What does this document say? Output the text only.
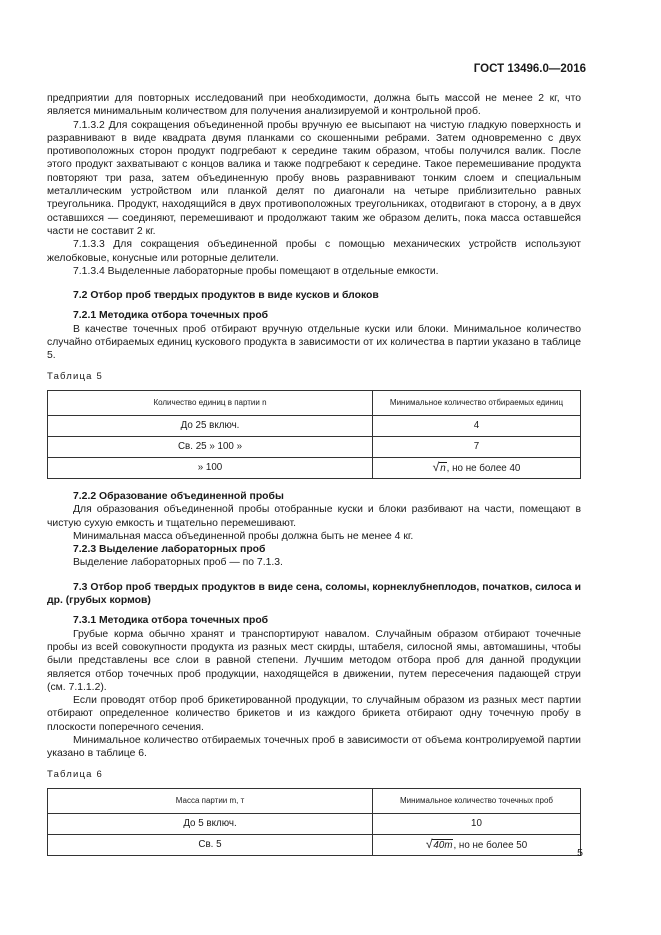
ГОСТ 13496.0—2016

предприятии для повторных исследований при необходимости, должна быть массой не менее 2 кг, что является минимальным количеством для получения анализируемой и контрольной проб.

7.1.3.2 Для сокращения объединенной пробы вручную ее высыпают на чистую гладкую поверхность и разравнивают в виде квадрата двумя планками со скошенными ребрами. Затем одновременно с двух противоположных сторон продукт подгребают к середине таким образом, чтобы получился валик. После этого продукт захватывают с концов валика и также подгребают к середине. Такое перемешивание продукта повторяют три раза, затем объединенную пробу вновь разравнивают тонким слоем и специальным металлическим устройством или планкой делят по диагонали на четыре приблизительно равных треугольника. Продукт, находящийся в двух противоположных треугольниках, отодвигают в сторону, а в двух оставшихся — соединяют, перемешивают и продолжают таким же образом делить, пока масса оставшейся части не составит 2 кг.

7.1.3.3 Для сокращения объединенной пробы с помощью механических устройств используют желобковые, конусные или роторные делители.

7.1.3.4 Выделенные лабораторные пробы помещают в отдельные емкости.

7.2 Отбор проб твердых продуктов в виде кусков и блоков

7.2.1 Методика отбора точечных проб

В качестве точечных проб отбирают вручную отдельные куски или блоки. Минимальное количество случайно отбираемых единиц кускового продукта в зависимости от их количества в партии указано в таблице 5.

Таблица 5
Количество единиц в партии n	Минимальное количество отбираемых единиц
До 25 включ.	4
Св. 25 » 100 »	7
» 100	√n, но не более 40

7.2.2 Образование объединенной пробы

Для образования объединенной пробы отобранные куски и блоки разбивают на части, помещают в чистую сухую емкость и тщательно перемешивают.

Минимальная масса объединенной пробы должна быть не менее 4 кг.

7.2.3 Выделение лабораторных проб

Выделение лабораторных проб — по 7.1.3.

7.3 Отбор проб твердых продуктов в виде сена, соломы, корнеклубнеплодов, початков, силоса и др. (грубых кормов)

7.3.1 Методика отбора точечных проб

Грубые корма обычно хранят и транспортируют навалом. Случайным образом отбирают точечные пробы из всей совокупности продукта из разных мест скирды, штабеля, силосной ямы, автомашины, чтобы были представлены все слои в равной степени. Лучшим методом отбора проб для данной продукции является отбор точечных проб продукции, находящейся в движении, путем пересечения падающей струи (см. 7.1.1.2).

Если проводят отбор проб брикетированной продукции, то случайным образом из разных мест партии отбирают определенное количество брикетов и из каждого брикета отбирают одну точечную пробу в плоскости поперечного сечения.

Минимальное количество отбираемых точечных проб в зависимости от объема контролируемой партии указано в таблице 6.

Таблица 6
Масса партии m, т	Минимальное количество точечных проб
До 5 включ.	10
Св. 5	√40m, но не более 50
5
